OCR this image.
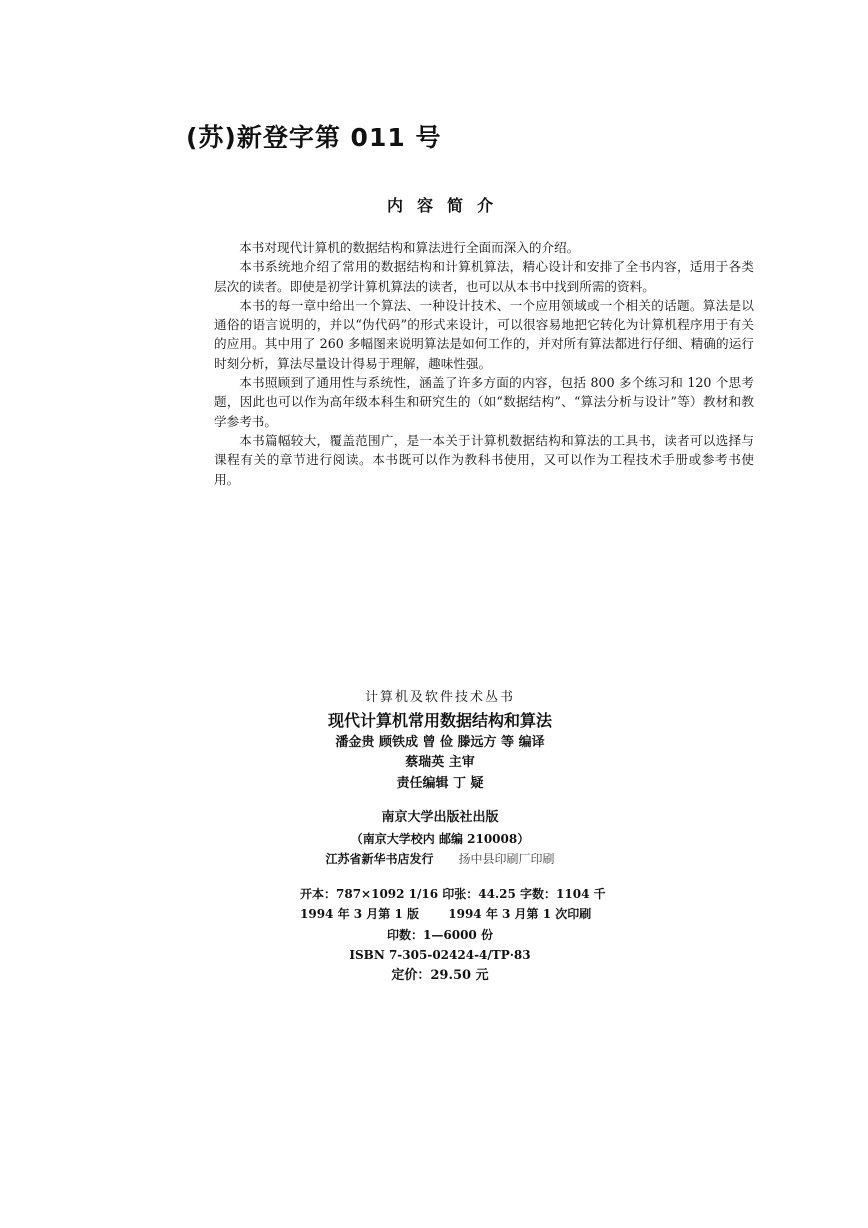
(苏)新登字第 011 号
内容简介

本书对现代计算机的数据结构和算法进行全面而深入的介绍。

本书系统地介绍了常用的数据结构和计算机算法，精心设计和安排了全书内容，适用于各类层次的读者。即使是初学计算机算法的读者，也可以从本书中找到所需的资料。

本书的每一章中给出一个算法、一种设计技术、一个应用领域或一个相关的话题。算法是以通俗的语言说明的，并以“伪代码”的形式来设计，可以很容易地把它转化为计算机程序用于有关的应用。其中用了 260 多幅图来说明算法是如何工作的，并对所有算法都进行仔细、精确的运行时刻分析，算法尽量设计得易于理解，趣味性强。

本书照顾到了通用性与系统性，涵盖了许多方面的内容，包括 800 多个练习和 120 个思考题，因此也可以作为高年级本科生和研究生的（如“数据结构”、“算法分析与设计”等）教材和教学参考书。

本书篇幅较大，覆盖范围广，是一本关于计算机数据结构和算法的工具书，读者可以选择与课程有关的章节进行阅读。本书既可以作为教科书使用，又可以作为工程技术手册或参考书使用。

计算机及软件技术丛书
现代计算机常用数据结构和算法
潘金贵 顾铁成 曾 俭 滕远方 等 编译
蔡瑞英 主审
责任编辑 丁 疑
南京大学出版社出版
（南京大学校内 邮编 210008）
江苏省新华书店发行 扬中县印刷厂印刷
开本：787×1092 1/16 印张：44.25 字数：1104 千
1994 年 3 月第 1 版 1994 年 3 月第 1 次印刷
印数：1—6000 份
ISBN 7-305-02424-4/TP·83
定价：29.50 元
